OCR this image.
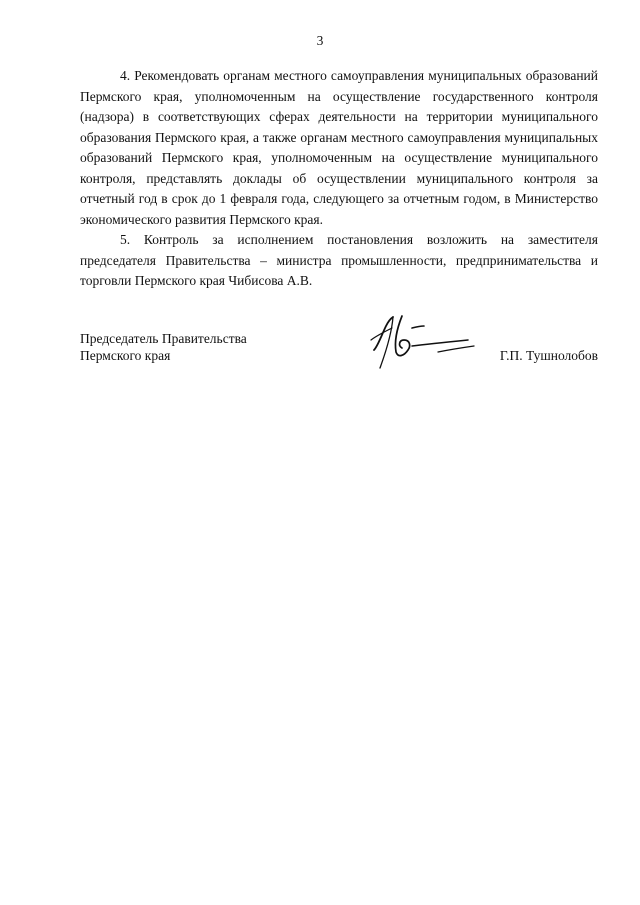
3

4. Рекомендовать органам местного самоуправления муниципальных образований Пермского края, уполномоченным на осуществление государственного контроля (надзора) в соответствующих сферах деятельности на территории муниципального образования Пермского края, а также органам местного самоуправления муниципальных образований Пермского края, уполномоченным на осуществление муниципального контроля, представлять доклады об осуществлении муниципального контроля за отчетный год в срок до 1 февраля года, следующего за отчетным годом, в Министерство экономического развития Пермского края.

5. Контроль за исполнением постановления возложить на заместителя председателя Правительства – министра промышленности, предпринимательства и торговли Пермского края Чибисова А.В.

Председатель Правительства
Пермского края	Г.П. Тушнолобов
